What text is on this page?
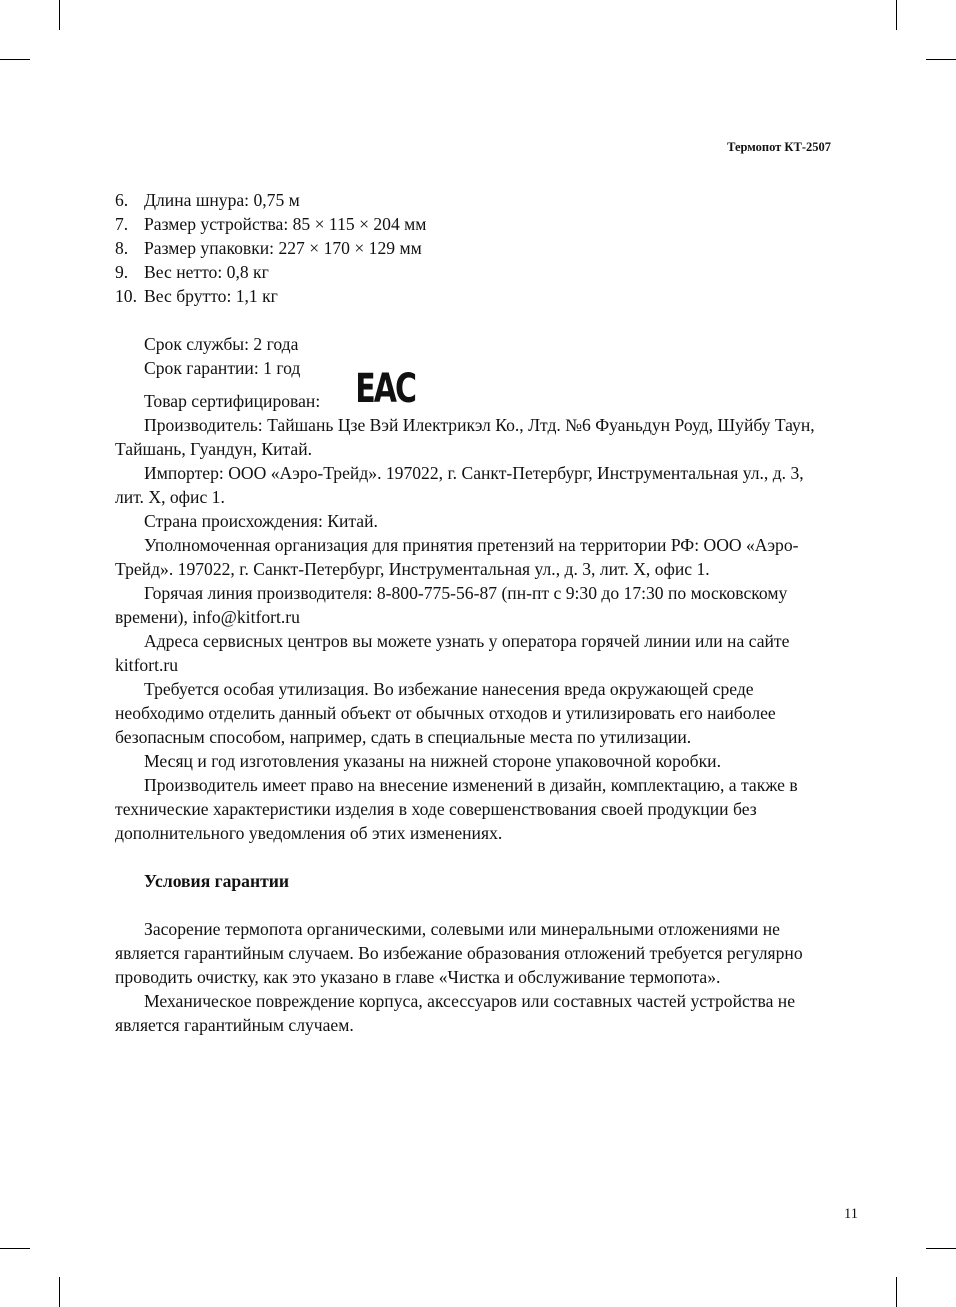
Термопот КТ-2507
6. Длина шнура: 0,75 м
7. Размер устройства: 85 × 115 × 204 мм
8. Размер упаковки: 227 × 170 × 129 мм
9. Вес нетто: 0,8 кг
10. Вес брутто: 1,1 кг

Срок службы: 2 года

Срок гарантии: 1 год

Товар сертифицирован:	EAC

Производитель: Тайшань Цзе Вэй Илектрикэл Ко., Лтд. №6 Фуаньдун Роуд, Шуйбу Таун, Тайшань, Гуандун, Китай.

Импортер: ООО «Аэро-Трейд». 197022, г. Санкт-Петербург, Инструментальная ул., д. 3, лит. Х, офис 1.

Страна происхождения: Китай.

Уполномоченная организация для принятия претензий на территории РФ: ООО «Аэро-Трейд». 197022, г. Санкт-Петербург, Инструментальная ул., д. 3, лит. Х, офис 1.

Горячая линия производителя: 8-800-775-56-87 (пн-пт с 9:30 до 17:30 по московскому времени), info@kitfort.ru

Адреса сервисных центров вы можете узнать у оператора горячей линии или на сайте kitfort.ru

Требуется особая утилизация. Во избежание нанесения вреда окружающей среде необходимо отделить данный объект от обычных отходов и утилизировать его наиболее безопасным способом, например, сдать в специальные места по утилизации.

Месяц и год изготовления указаны на нижней стороне упаковочной коробки.

Производитель имеет право на внесение изменений в дизайн, комплектацию, а также в технические характеристики изделия в ходе совершенствования своей продукции без дополнительного уведомления об этих изменениях.

Условия гарантии

Засорение термопота органическими, солевыми или минеральными отложениями не является гарантийным случаем. Во избежание образования отложений требуется регулярно проводить очистку, как это указано в главе «Чистка и обслуживание термопота».

Механическое повреждение корпуса, аксессуаров или составных частей устройства не является гарантийным случаем.

11
